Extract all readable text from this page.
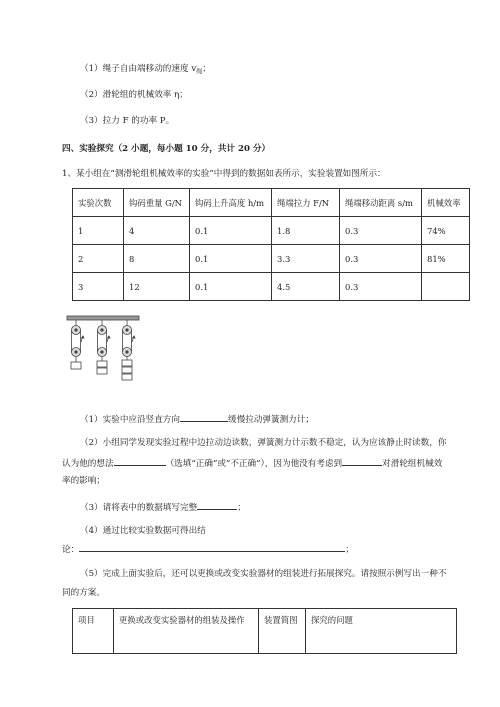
（1）绳子自由端移动的速度 $v_绳$；
（2）滑轮组的机械效率 η；
（3）拉力 F 的功率 P。
四、实验探究（2 小题，每小题 10 分，共计 20 分）
1、某小组在“测滑轮组机械效率的实验”中得到的数据如表所示，实验装置如图所示：
实验次数	钩码重量 G/N	钩码上升高度 h/m	绳端拉力 F/N	绳端移动距离 s/m	机械效率
1	4	0.1	1.8	0.3	74%
2	8	0.1	3.3	0.3	81%
3	12	0.1	4.5	0.3	
（1）实验中应沿竖直方向	缓慢拉动弹簧测力计；
（2）小组同学发现实验过程中边拉动边读数，弹簧测力计示数不稳定，认为应该静止时读数，你
认为他的想法	（选填“正确”或“不正确”），因为他没有考虑到	对滑轮组机械效
率的影响；
（3）请将表中的数据填写完整	；
（4）通过比较实验数据可得出结
论：	；
（5）完成上面实验后，还可以更换或改变实验器材的组装进行拓展探究。请按照示例写出一种不
同的方案。
项目	更换或改变实验器材的组装及操作	装置简图	探究的问题
